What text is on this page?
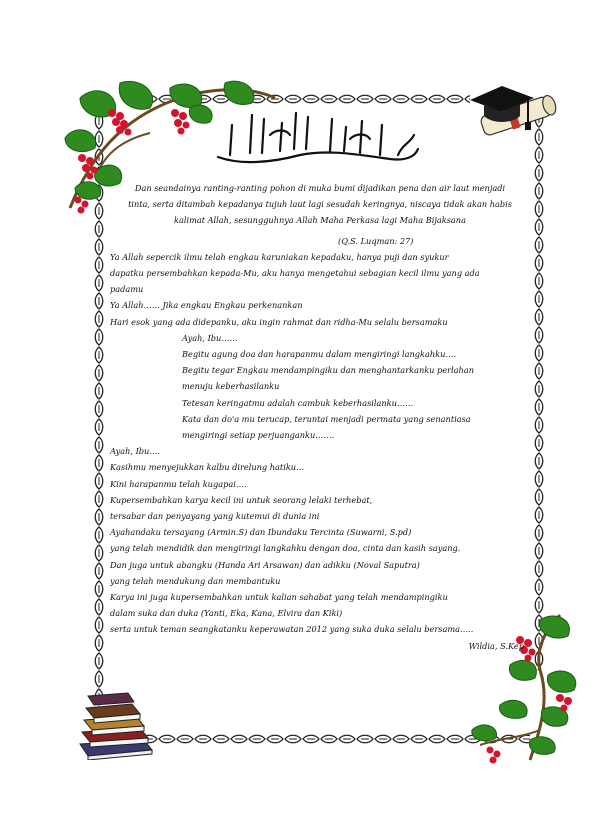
بسم الله الرحمن الرحيم
Dan seandainya ranting-ranting pohon di muka bumi dijadikan pena dan air laut menjadi
tinta, serta ditambah kepadanya tujuh laut lagi sesudah keringnya, niscaya tidak akan habis
kalimat Allah, sesungguhnya Allah Maha Perkasa lagi Maha Bijaksana
(Q.S. Luqman: 27)
Ya Allah sepercik ilmu telah engkau karuniakan kepadaku, hanya puji dan syukur
dapatku persembahkan kepada-Mu, aku hanya mengetahui sebagian kecil ilmu yang ada
padamu
Ya Allah…… Jika engkau Engkau perkenankan
Hari esok yang ada didepanku, aku ingin rahmat dan ridha-Mu selalu bersamaku
Ayah, Ibu……
Begitu agung doa dan harapanmu dalam mengiringi langkahku….
Begitu tegar Engkau mendampingiku dan menghantarkanku perlahan
menuju keberhasilanku
Tetesan keringatmu adalah cambuk keberhasilanku……
Kata dan do'a mu terucap, teruntai menjadi permata yang senantiasa
mengiringi setiap perjuanganku…….
Ayah, Ibu….
Kasihmu menyejukkan kalbu direlung hatiku…
Kini harapanmu telah kugapai….
Kupersembahkan karya kecil ini untuk seorang lelaki terhebat,
tersabar dan penyayang yang kutemui di dunia ini
Ayahandaku tersayang (Armin.S) dan Ibundaku Tercinta (Suwarni, S.pd)
yang telah mendidik dan mengiringi langkahku dengan doa, cinta dan kasih sayang.
Dan juga untuk abangku (Handa Ari Arsawan) dan adikku (Noval Saputra)
yang telah mendukung dan membantuku
Karya ini juga kupersembahkan untuk kalian sahabat yang telah mendampingiku
dalam suka dan duka (Yanti, Eka, Kana, Elvira dan Kiki)
serta untuk teman seangkatanku keperawatan 2012 yang suka duka selalu bersama…..
Wildia, S.Kep
